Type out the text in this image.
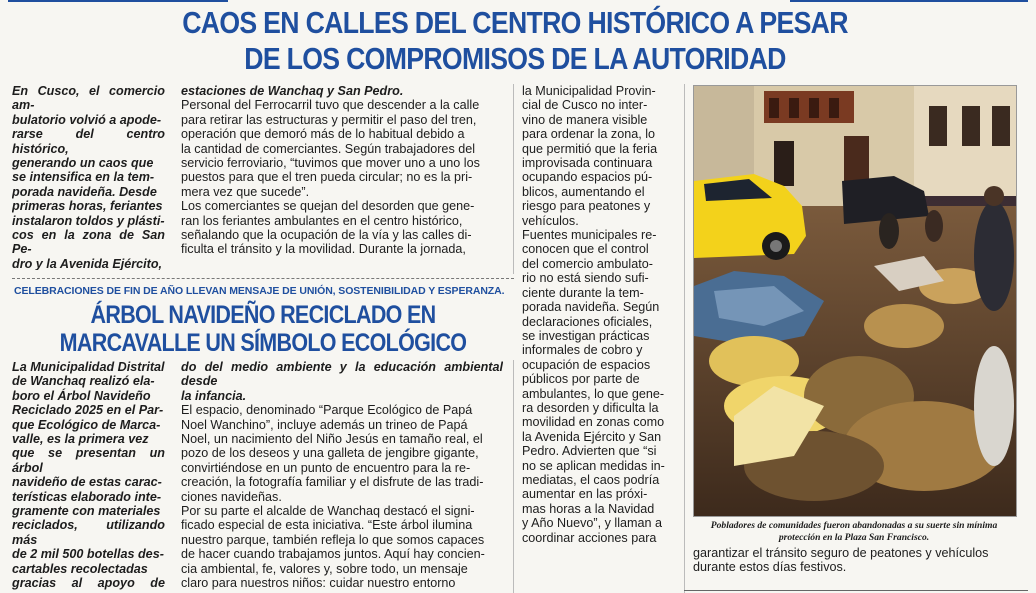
CAOS EN CALLES DEL CENTRO HISTÓRICO A PESAR
DE LOS COMPROMISOS DE LA AUTORIDAD
En Cusco, el comercio am-
bulatorio volvió a apode-
rarse del centro histórico,
generando un caos que
se intensifica en la tem-
porada navideña. Desde
primeras horas, feriantes
instalaron toldos y plásti-
cos en la zona de San Pe-
dro y la Avenida Ejército,
estaciones de Wanchaq y San Pedro.
Personal del Ferrocarril tuvo que descender a la calle
para retirar las estructuras y permitir el paso del tren,
operación que demoró más de lo habitual debido a
la cantidad de comerciantes. Según trabajadores del
servicio ferroviario, “tuvimos que mover uno a uno los
puestos para que el tren pueda circular; no es la pri-
mera vez que sucede”.
Los comerciantes se quejan del desorden que gene-
ran los feriantes ambulantes en el centro histórico,
señalando que la ocupación de la vía y las calles di-
ficulta el tránsito y la movilidad. Durante la jornada,
la Municipalidad Provin-
cial de Cusco no inter-
vino de manera visible
para ordenar la zona, lo
que permitió que la feria
improvisada continuara
ocupando espacios pú-
blicos, aumentando el
riesgo para peatones y
vehículos.
Fuentes municipales re-
conocen que el control
del comercio ambulato-
rio no está siendo sufi-
ciente durante la tem-
porada navideña. Según
declaraciones oficiales,
se investigan prácticas
informales de cobro y
ocupación de espacios
públicos por parte de
ambulantes, lo que gene-
ra desorden y dificulta la
movilidad en zonas como
la Avenida Ejército y San
Pedro. Advierten que “si
no se aplican medidas in-
mediatas, el caos podría
aumentar en las próxi-
mas horas a la Navidad
y Año Nuevo”, y llaman a
coordinar acciones para
CELEBRACIONES DE FIN DE AÑO LLEVAN MENSAJE DE UNIÓN, SOSTENIBILIDAD Y ESPERANZA.
ÁRBOL NAVIDEÑO RECICLADO EN
MARCAVALLE UN SÍMBOLO ECOLÓGICO
La Municipalidad Distrital
de Wanchaq realizó ela-
boro el Árbol Navideño
Reciclado 2025 en el Par-
que Ecológico de Marca-
valle, es la primera vez
que se presentan un árbol
navideño de estas carac-
terísticas elaborado inte-
gramente con materiales
reciclados, utilizando más
de 2 mil 500 botellas des-
cartables recolectadas
gracias al apoyo de
do del medio ambiente y la educación ambiental desde
la infancia.
El espacio, denominado “Parque Ecológico de Papá
Noel Wanchino”, incluye además un trineo de Papá
Noel, un nacimiento del Niño Jesús en tamaño real, el
pozo de los deseos y una galleta de jengibre gigante,
convirtiéndose en un punto de encuentro para la re-
creación, la fotografía familiar y el disfrute de las tradi-
ciones navideñas.
Por su parte el alcalde de Wanchaq destacó el signi-
ficado especial de esta iniciativa. “Este árbol ilumina
nuestro parque, también refleja lo que somos capaces
de hacer cuando trabajamos juntos. Aquí hay concien-
cia ambiental, fe, valores y, sobre todo, un mensaje
claro para nuestros niños: cuidar nuestro entorno
Pobladores de comunidades fueron abandonadas a su suerte sin mínima protección en la Plaza San Francisco.
garantizar el tránsito seguro de peatones y vehículos
durante estos días festivos.
